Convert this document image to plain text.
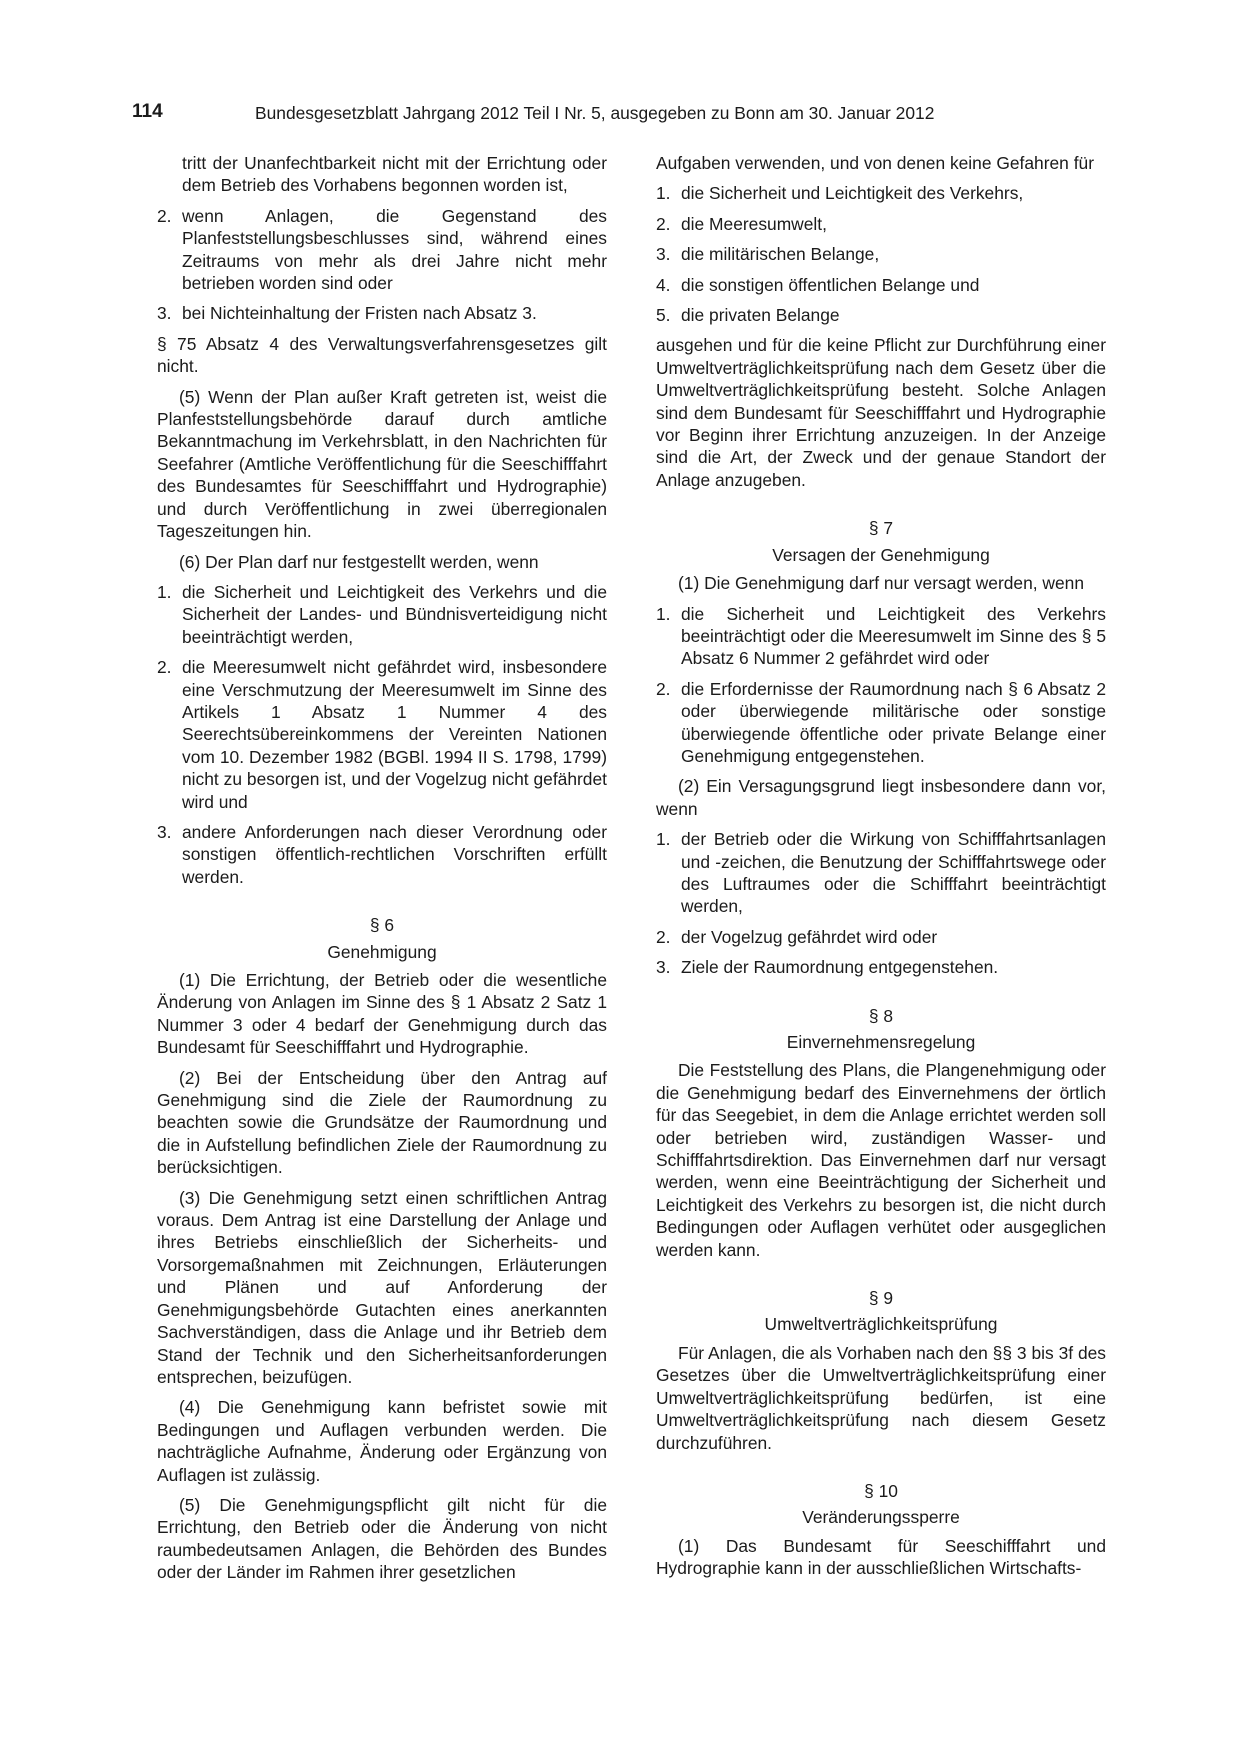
114	Bundesgesetzblatt Jahrgang 2012 Teil I Nr. 5, ausgegeben zu Bonn am 30. Januar 2012

tritt der Unanfechtbarkeit nicht mit der Errichtung oder dem Betrieb des Vorhabens begonnen worden ist,

2. wenn Anlagen, die Gegenstand des Planfeststellungsbeschlusses sind, während eines Zeitraums von mehr als drei Jahre nicht mehr betrieben worden sind oder
3. bei Nichteinhaltung der Fristen nach Absatz 3.

§ 75 Absatz 4 des Verwaltungsverfahrensgesetzes gilt nicht.

(5) Wenn der Plan außer Kraft getreten ist, weist die Planfeststellungsbehörde darauf durch amtliche Bekanntmachung im Verkehrsblatt, in den Nachrichten für Seefahrer (Amtliche Veröffentlichung für die Seeschifffahrt des Bundesamtes für Seeschifffahrt und Hydrographie) und durch Veröffentlichung in zwei überregionalen Tageszeitungen hin.

(6) Der Plan darf nur festgestellt werden, wenn

1. die Sicherheit und Leichtigkeit des Verkehrs und die Sicherheit der Landes- und Bündnisverteidigung nicht beeinträchtigt werden,
2. die Meeresumwelt nicht gefährdet wird, insbesondere eine Verschmutzung der Meeresumwelt im Sinne des Artikels 1 Absatz 1 Nummer 4 des Seerechtsübereinkommens der Vereinten Nationen vom 10. Dezember 1982 (BGBl. 1994 II S. 1798, 1799) nicht zu besorgen ist, und der Vogelzug nicht gefährdet wird und
3. andere Anforderungen nach dieser Verordnung oder sonstigen öffentlich-rechtlichen Vorschriften erfüllt werden.
§ 6
Genehmigung

(1) Die Errichtung, der Betrieb oder die wesentliche Änderung von Anlagen im Sinne des § 1 Absatz 2 Satz 1 Nummer 3 oder 4 bedarf der Genehmigung durch das Bundesamt für Seeschifffahrt und Hydrographie.

(2) Bei der Entscheidung über den Antrag auf Genehmigung sind die Ziele der Raumordnung zu beachten sowie die Grundsätze der Raumordnung und die in Aufstellung befindlichen Ziele der Raumordnung zu berücksichtigen.

(3) Die Genehmigung setzt einen schriftlichen Antrag voraus. Dem Antrag ist eine Darstellung der Anlage und ihres Betriebs einschließlich der Sicherheits- und Vorsorgemaßnahmen mit Zeichnungen, Erläuterungen und Plänen und auf Anforderung der Genehmigungsbehörde Gutachten eines anerkannten Sachverständigen, dass die Anlage und ihr Betrieb dem Stand der Technik und den Sicherheitsanforderungen entsprechen, beizufügen.

(4) Die Genehmigung kann befristet sowie mit Bedingungen und Auflagen verbunden werden. Die nachträgliche Aufnahme, Änderung oder Ergänzung von Auflagen ist zulässig.

(5) Die Genehmigungspflicht gilt nicht für die Errichtung, den Betrieb oder die Änderung von nicht raumbedeutsamen Anlagen, die Behörden des Bundes oder der Länder im Rahmen ihrer gesetzlichen

Aufgaben verwenden, und von denen keine Gefahren für

1. die Sicherheit und Leichtigkeit des Verkehrs,
2. die Meeresumwelt,
3. die militärischen Belange,
4. die sonstigen öffentlichen Belange und
5. die privaten Belange

ausgehen und für die keine Pflicht zur Durchführung einer Umweltverträglichkeitsprüfung nach dem Gesetz über die Umweltverträglichkeitsprüfung besteht. Solche Anlagen sind dem Bundesamt für Seeschifffahrt und Hydrographie vor Beginn ihrer Errichtung anzuzeigen. In der Anzeige sind die Art, der Zweck und der genaue Standort der Anlage anzugeben.

§ 7
Versagen der Genehmigung

(1) Die Genehmigung darf nur versagt werden, wenn

1. die Sicherheit und Leichtigkeit des Verkehrs beeinträchtigt oder die Meeresumwelt im Sinne des § 5 Absatz 6 Nummer 2 gefährdet wird oder
2. die Erfordernisse der Raumordnung nach § 6 Absatz 2 oder überwiegende militärische oder sonstige überwiegende öffentliche oder private Belange einer Genehmigung entgegenstehen.

(2) Ein Versagungsgrund liegt insbesondere dann vor, wenn

1. der Betrieb oder die Wirkung von Schifffahrtsanlagen und -zeichen, die Benutzung der Schifffahrtswege oder des Luftraumes oder die Schifffahrt beeinträchtigt werden,
2. der Vogelzug gefährdet wird oder
3. Ziele der Raumordnung entgegenstehen.
§ 8
Einvernehmensregelung

Die Feststellung des Plans, die Plangenehmigung oder die Genehmigung bedarf des Einvernehmens der örtlich für das Seegebiet, in dem die Anlage errichtet werden soll oder betrieben wird, zuständigen Wasser- und Schifffahrtsdirektion. Das Einvernehmen darf nur versagt werden, wenn eine Beeinträchtigung der Sicherheit und Leichtigkeit des Verkehrs zu besorgen ist, die nicht durch Bedingungen oder Auflagen verhütet oder ausgeglichen werden kann.

§ 9
Umweltverträglichkeitsprüfung

Für Anlagen, die als Vorhaben nach den §§ 3 bis 3f des Gesetzes über die Umweltverträglichkeitsprüfung einer Umweltverträglichkeitsprüfung bedürfen, ist eine Umweltverträglichkeitsprüfung nach diesem Gesetz durchzuführen.

§ 10
Veränderungssperre

(1) Das Bundesamt für Seeschifffahrt und Hydrographie kann in der ausschließlichen Wirtschafts-
